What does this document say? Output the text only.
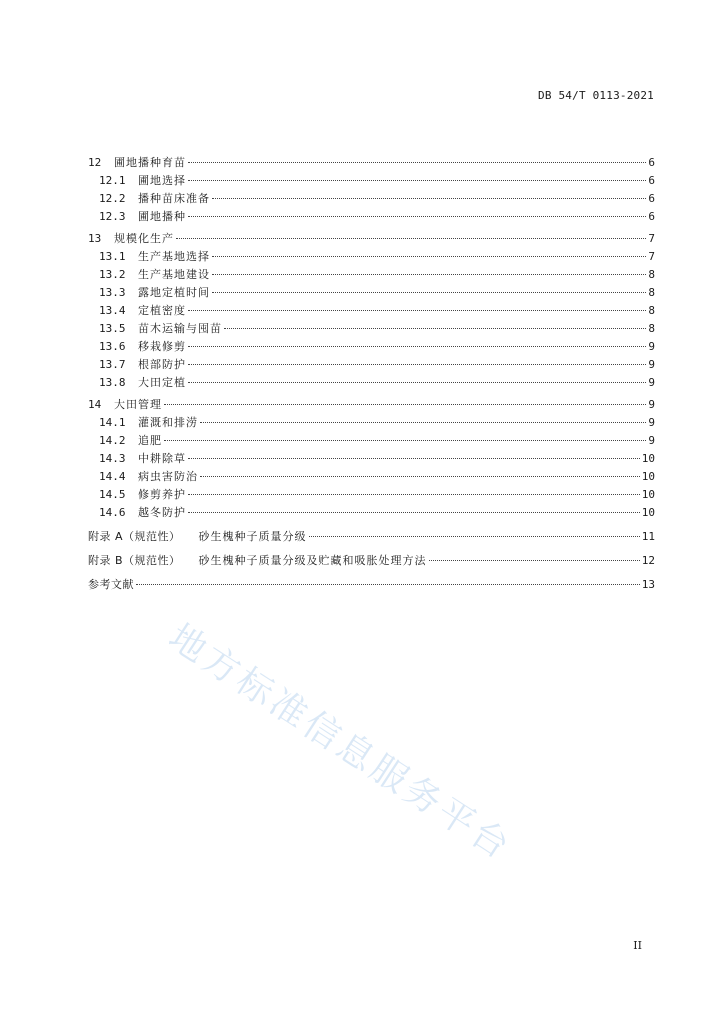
DB 54/T 0113-2021
12	圃地播种育苗	6
12.1	圃地选择	6
12.2	播种苗床准备	6
12.3	圃地播种	6
13	规模化生产	7
13.1	生产基地选择	7
13.2	生产基地建设	8
13.3	露地定植时间	8
13.4	定植密度	8
13.5	苗木运输与囤苗	8
13.6	移栽修剪	9
13.7	根部防护	9
13.8	大田定植	9
14	大田管理	9
14.1	灌溉和排涝	9
14.2	追肥	9
14.3	中耕除草	10
14.4	病虫害防治	10
14.5	修剪养护	10
14.6	越冬防护	10
附录 A（规范性） 砂生槐种子质量分级	11
附录 B（规范性） 砂生槐种子质量分级及贮藏和吸胀处理方法	12
参考文献	13
地方标准信息服务平台
II
